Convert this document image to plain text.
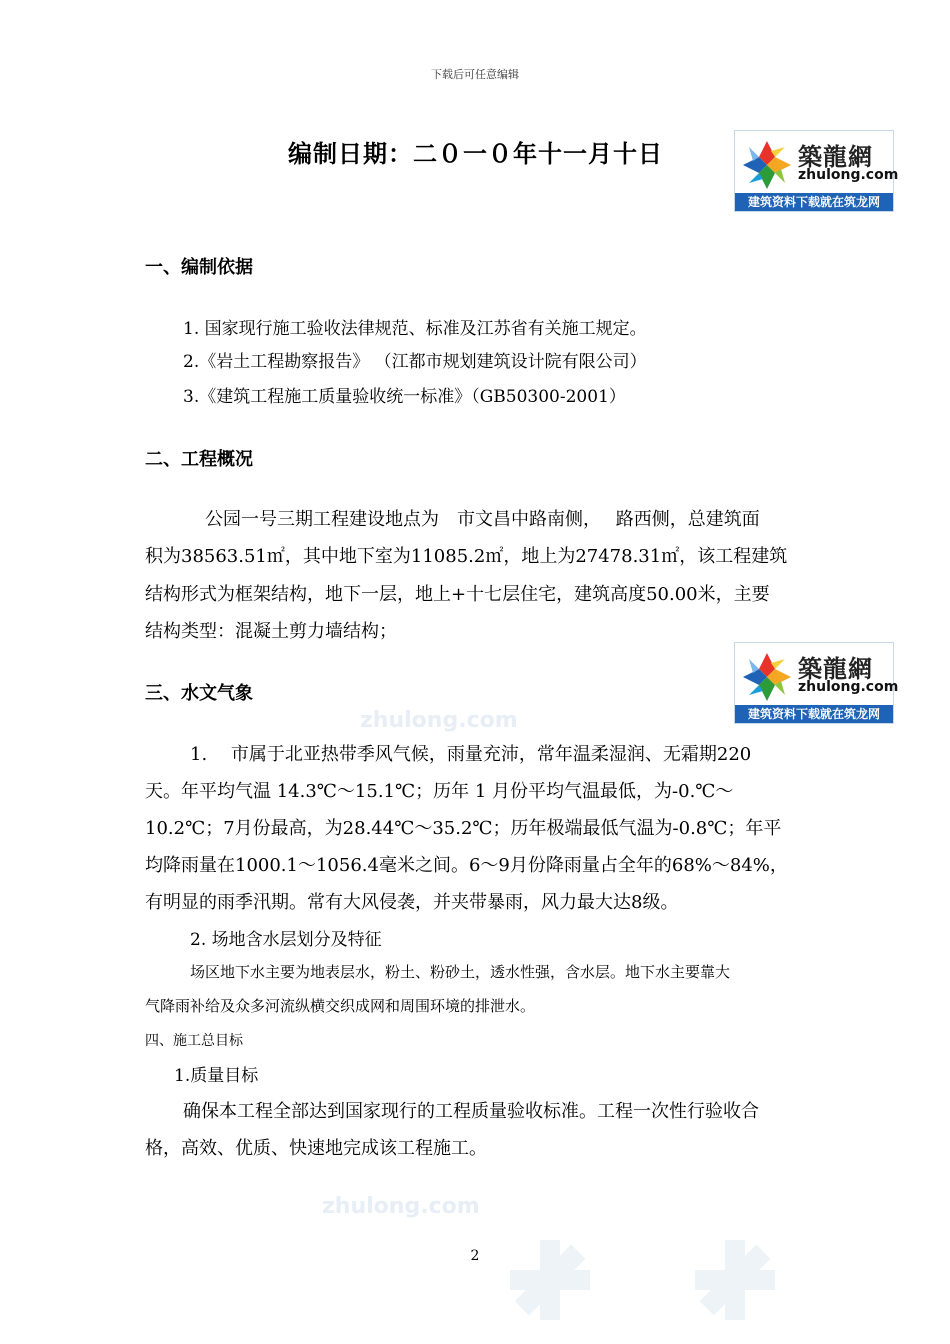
zhulong.com
zhulong.com
下载后可任意编辑
编制日期：二０一０年十一月十日	築龍網
zhulong.com
建筑资料下载就在筑龙网
一、编制依据
1. 国家现行施工验收法律规范、标准及江苏省有关施工规定。
2.《岩土工程勘察报告》 （江都市规划建筑设计院有限公司）
3.《建筑工程施工质量验收统一标准》（GB50300-2001）
二、工程概况
公园一号三期工程建设地点为　市文昌中路南侧，　 路西侧，总建筑面
积为38563.51㎡，其中地下室为11085.2㎡，地上为27478.31㎡，该工程建筑
结构形式为框架结构，地下一层，地上+十七层住宅，建筑高度50.00米，主要
结构类型：混凝土剪力墙结构；
築龍網
zhulong.com
建筑资料下载就在筑龙网
三、水文气象
1.　 市属于北亚热带季风气候，雨量充沛，常年温柔湿润、无霜期220
天。年平均气温 14.3℃～15.1℃；历年 1 月份平均气温最低，为-0.℃～
10.2℃；7月份最高，为28.44℃～35.2℃；历年极端最低气温为-0.8℃；年平
均降雨量在1000.1～1056.4毫米之间。6～9月份降雨量占全年的68%～84%，
有明显的雨季汛期。常有大风侵袭，并夹带暴雨，风力最大达8级。
2. 场地含水层划分及特征
场区地下水主要为地表层水，粉土、粉砂土，透水性强，含水层。地下水主要靠大
气降雨补给及众多河流纵横交织成网和周围环境的排泄水。
四、施工总目标
1.质量目标
确保本工程全部达到国家现行的工程质量验收标准。工程一次性行验收合
格，高效、优质、快速地完成该工程施工。
2
